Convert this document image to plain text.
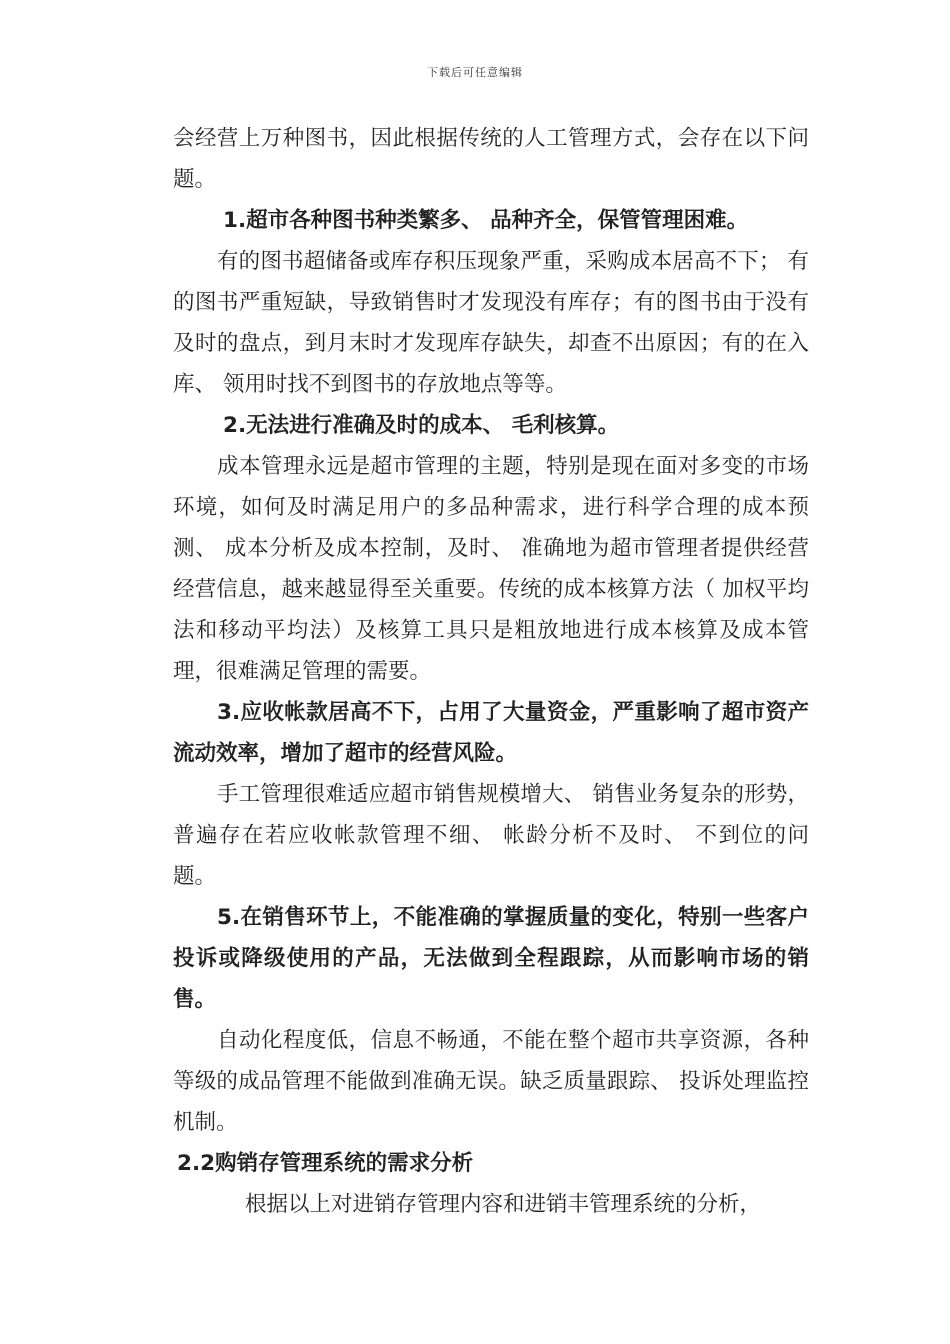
下载后可任意编辑

会经营上万种图书，因此根据传统的人工管理方式，会存在以下问题。

1.超市各种图书种类繁多、 品种齐全，保管管理困难。

有的图书超储备或库存积压现象严重，采购成本居高不下； 有的图书严重短缺，导致销售时才发现没有库存；有的图书由于没有及时的盘点，到月末时才发现库存缺失，却查不出原因；有的在入库、 领用时找不到图书的存放地点等等。

2.无法进行准确及时的成本、 毛利核算。

成本管理永远是超市管理的主题，特别是现在面对多变的市场环境，如何及时满足用户的多品种需求，进行科学合理的成本预测、 成本分析及成本控制，及时、 准确地为超市管理者提供经营经营信息，越来越显得至关重要。传统的成本核算方法（ 加权平均法和移动平均法）及核算工具只是粗放地进行成本核算及成本管理，很难满足管理的需要。

3.应收帐款居高不下，占用了大量资金，严重影响了超市资产流动效率，增加了超市的经营风险。

手工管理很难适应超市销售规模增大、 销售业务复杂的形势，普遍存在若应收帐款管理不细、 帐龄分析不及时、 不到位的问题。

5.在销售环节上，不能准确的掌握质量的变化，特别一些客户投诉或降级使用的产品，无法做到全程跟踪，从而影响市场的销售。

自动化程度低，信息不畅通，不能在整个超市共享资源，各种等级的成品管理不能做到准确无误。缺乏质量跟踪、 投诉处理监控机制。

2.2购销存管理系统的需求分析

根据以上对进销存管理内容和进销丰管理系统的分析，
